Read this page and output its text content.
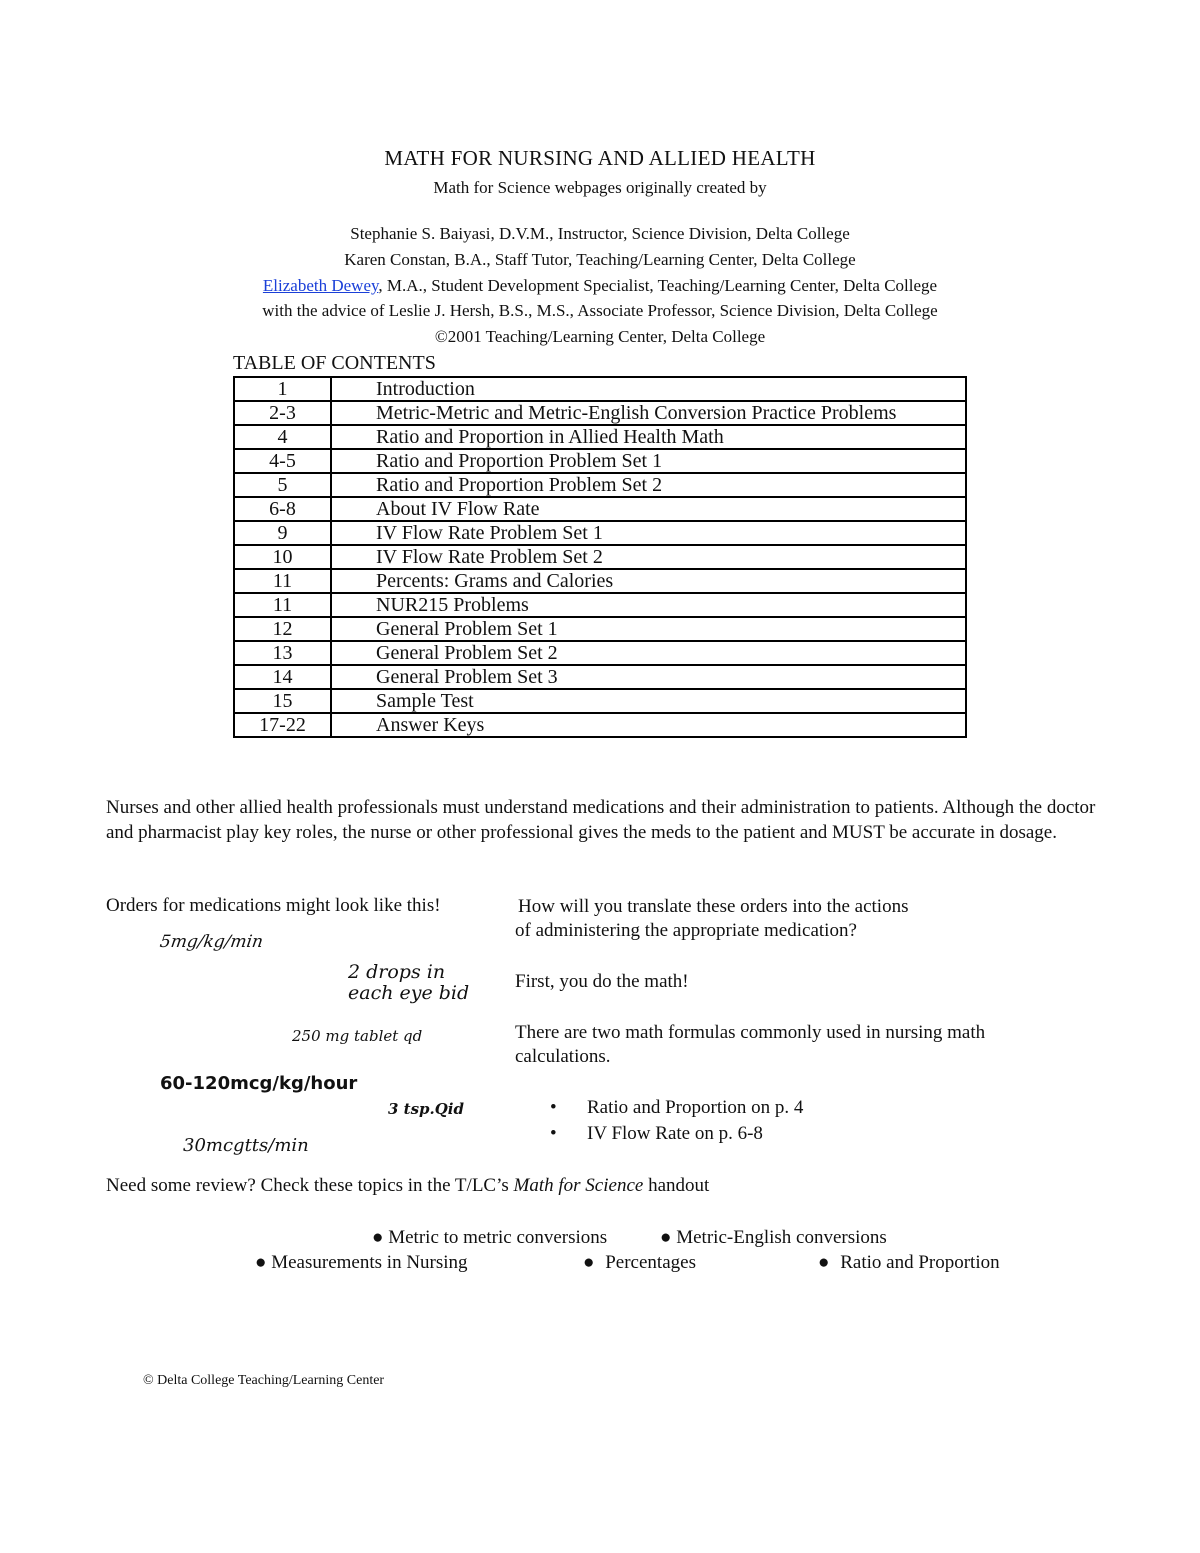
MATH FOR NURSING AND ALLIED HEALTH
Math for Science webpages originally created by
Stephanie S. Baiyasi, D.V.M., Instructor, Science Division, Delta College
Karen Constan, B.A., Staff Tutor, Teaching/Learning Center, Delta College
Elizabeth Dewey, M.A., Student Development Specialist, Teaching/Learning Center, Delta College
with the advice of Leslie J. Hersh, B.S., M.S., Associate Professor, Science Division, Delta College
©2001 Teaching/Learning Center, Delta College
TABLE OF CONTENTS
1	Introduction
2-3	Metric-Metric and Metric-English Conversion Practice Problems
4	Ratio and Proportion in Allied Health Math
4-5	Ratio and Proportion Problem Set 1
5	Ratio and Proportion Problem Set 2
6-8	About IV Flow Rate
9	IV Flow Rate Problem Set 1
10	IV Flow Rate Problem Set 2
11	Percents: Grams and Calories
11	NUR215 Problems
12	General Problem Set 1
13	General Problem Set 2
14	General Problem Set 3
15	Sample Test
17-22	Answer Keys
Nurses and other allied health professionals must understand medications and their administration to patients. Although the doctor and pharmacist play key roles, the nurse or other professional gives the meds to the patient and MUST be accurate in dosage.
Orders for medications might look like this!
5mg/kg/min
2 drops in
each eye bid
250 mg tablet qd
60-120mcg/kg/hour
3 tsp.Qid
30mcgtts/min
How will you translate these orders into the actions
of administering the appropriate medication?
First, you do the math!
There are two math formulas commonly used in nursing math calculations.
• Ratio and Proportion on p. 4
• IV Flow Rate on p. 6-8
Need some review? Check these topics in the T/LC’s Math for Science handout
● Metric to metric conversions	● Metric-English conversions
● Measurements in Nursing	● Percentages	● Ratio and Proportion
© Delta College Teaching/Learning Center
